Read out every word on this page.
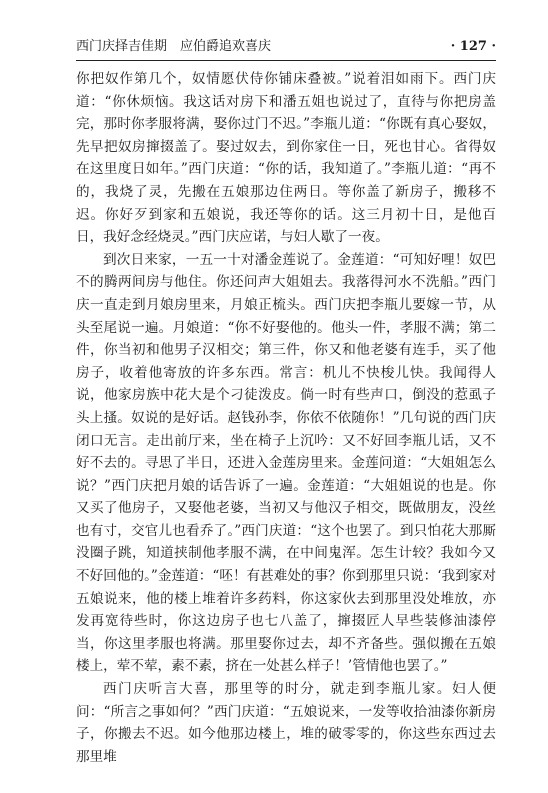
西门庆择吉佳期　应伯爵追欢喜庆	· 127 ·

你把奴作第几个，奴情愿伏侍你铺床叠被。”说着泪如雨下。西门庆道：“你休烦恼。我这话对房下和潘五姐也说过了，直待与你把房盖完，那时你孝服将满，娶你过门不迟。”李瓶儿道：“你既有真心娶奴，先早把奴房撺掇盖了。娶过奴去，到你家住一日，死也甘心。省得奴在这里度日如年。”西门庆道：“你的话，我知道了。”李瓶儿道：“再不的，我烧了灵，先搬在五娘那边住两日。等你盖了新房子，搬移不迟。你好歹到家和五娘说，我还等你的话。这三月初十日，是他百日，我好念经烧灵。”西门庆应诺，与妇人歇了一夜。

到次日来家，一五一十对潘金莲说了。金莲道：“可知好哩！奴巴不的腾两间房与他住。你还问声大姐姐去。我落得河水不洗船。”西门庆一直走到月娘房里来，月娘正梳头。西门庆把李瓶儿要嫁一节，从头至尾说一遍。月娘道：“你不好娶他的。他头一件，孝服不满；第二件，你当初和他男子汉相交；第三件，你又和他老婆有连手，买了他房子，收着他寄放的许多东西。常言：机儿不快梭儿快。我闻得人说，他家房族中花大是个刁徒泼皮。倘一时有些声口，倒没的惹虱子头上搔。奴说的是好话。赵钱孙李，你依不依随你！”几句说的西门庆闭口无言。走出前厅来，坐在椅子上沉吟：又不好回李瓶儿话，又不好不去的。寻思了半日，还进入金莲房里来。金莲问道：“大姐姐怎么说？”西门庆把月娘的话告诉了一遍。金莲道：“大姐姐说的也是。你又买了他房子，又娶他老婆，当初又与他汉子相交，既做朋友，没丝也有寸，交官儿也看乔了。”西门庆道：“这个也罢了。到只怕花大那厮没圈子跳，知道挟制他孝服不满，在中间鬼浑。怎生计较？我如今又不好回他的。”金莲道：“呸！有甚难处的事？你到那里只说：‘我到家对五娘说来，他的楼上堆着许多药料，你这家伙去到那里没处堆放，亦发再宽待些时，你这边房子也七八盖了，撺掇匠人早些装修油漆停当，你这里孝服也将满。那里娶你过去，却不齐备些。强似搬在五娘楼上，荤不荤，素不素，挤在一处甚么样子！’管情他也罢了。”

西门庆听言大喜，那里等的时分，就走到李瓶儿家。妇人便问：“所言之事如何？”西门庆道：“五娘说来，一发等收拾油漆你新房子，你搬去不迟。如今他那边楼上，堆的破零零的，你这些东西过去那里堆
